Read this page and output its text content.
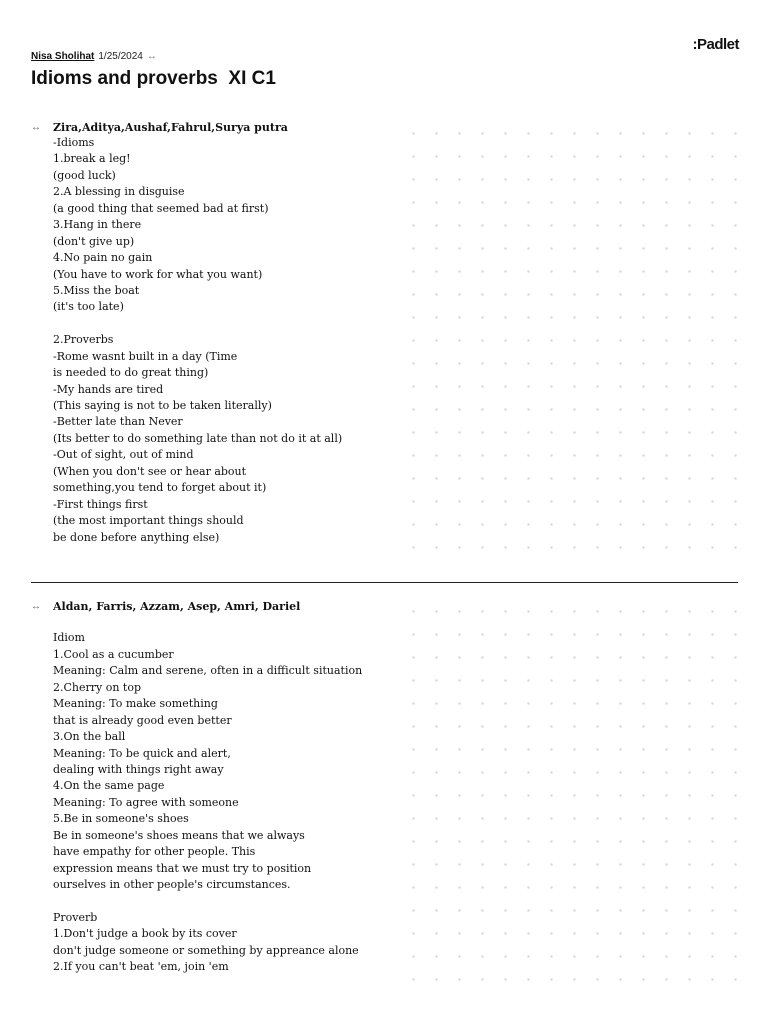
Nisa Sholihat 1/25/2024 ↔
:Padlet
Idioms and proverbs  XI C1
↔	Zira,Aditya,Aushaf,Fahrul,Surya putra
-Idioms
1.break a leg!
(good luck)
2.A blessing in disguise
(a good thing that seemed bad at first)
3.Hang in there
(don't give up)
4.No pain no gain
(You have to work for what you want)
5.Miss the boat
(it's too late)
2.Proverbs
-Rome wasnt built in a day (Time
is needed to do great thing)
-My hands are tired
(This saying is not to be taken literally)
-Better late than Never
(Its better to do something late than not do it at all)
-Out of sight, out of mind
(When you don't see or hear about
something,you tend to forget about it)
-First things first
(the most important things should
be done before anything else)
↔	Aldan, Farris, Azzam, Asep, Amri, Dariel
Idiom
1.Cool as a cucumber
Meaning: Calm and serene, often in a difficult situation
2.Cherry on top
Meaning: To make something
that is already good even better
3.On the ball
Meaning: To be quick and alert,
dealing with things right away
4.On the same page
Meaning: To agree with someone
5.Be in someone's shoes
Be in someone's shoes means that we always
have empathy for other people. This
expression means that we must try to position
ourselves in other people's circumstances.
Proverb
1.Don't judge a book by its cover
don't judge someone or something by appreance alone
2.If you can't beat 'em, join 'em
